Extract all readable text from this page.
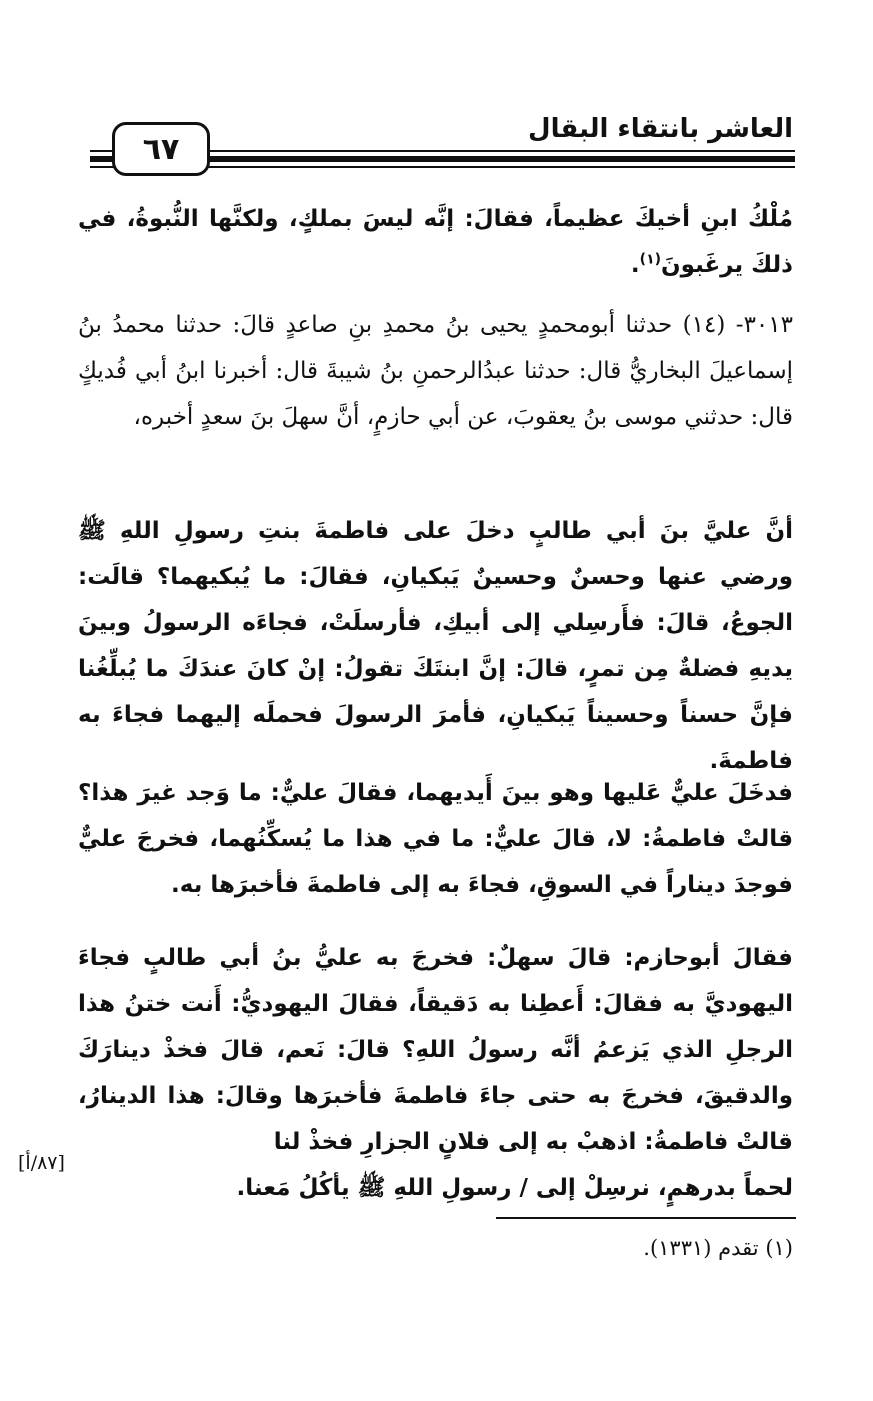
العاشر بانتقاء البقال
٦٧
مُلْكُ ابنِ أخيكَ عظيماً، فقالَ: إنَّه ليسَ بملكٍ، ولكنَّها النُّبوةُ، في ذلكَ يرغَبونَ$^{(١)}$.
٣٠١٣- (١٤) حدثنا أبومحمدٍ يحيى بنُ محمدِ بنِ صاعدٍ قالَ: حدثنا محمدُ بنُ إسماعيلَ البخاريُّ قال: حدثنا عبدُالرحمنِ بنُ شيبةَ قال: أخبرنا ابنُ أبي فُديكٍ قال: حدثني موسى بنُ يعقوبَ، عن أبي حازمٍ، أنَّ سهلَ بنَ سعدٍ أخبره،
أنَّ عليَّ بنَ أبي طالبٍ دخلَ على فاطمةَ بنتِ رسولِ اللهِ ﷺ ورضي عنها وحسنٌ وحسينٌ يَبكيانِ، فقالَ: ما يُبكيهما؟ قالَت: الجوعُ، قالَ: فأَرسِلي إلى أبيكِ، فأرسلَتْ، فجاءَه الرسولُ وبينَ يديهِ فضلةٌ مِن تمرٍ، قالَ: إنَّ ابنتَكَ تقولُ: إنْ كانَ عندَكَ ما يُبلِّغُنا فإنَّ حسناً وحسيناً يَبكيانِ، فأمرَ الرسولَ فحملَه إليهما فجاءَ به فاطمةَ.
فدخَلَ عليٌّ عَليها وهو بينَ أَيديهما، فقالَ عليٌّ: ما وَجد غيرَ هذا؟ قالتْ فاطمةُ: لا، قالَ عليٌّ: ما في هذا ما يُسكِّنُهما، فخرجَ عليٌّ فوجدَ ديناراً في السوقِ، فجاءَ به إلى فاطمةَ فأخبرَها به.
فقالَ أبوحازم: قالَ سهلٌ: فخرجَ به عليُّ بنُ أبي طالبٍ فجاءَ اليهوديَّ به فقالَ: أَعطِنا به دَقيقاً، فقالَ اليهوديُّ: أَنت ختنُ هذا الرجلِ الذي يَزعمُ أنَّه رسولُ اللهِ؟ قالَ: نَعم، قالَ فخذْ دينارَكَ والدقيقَ، فخرجَ به حتى جاءَ فاطمةَ فأخبرَها وقالَ: هذا الدينارُ، قالتْ فاطمةُ: اذهبْ به إلى فلانٍ الجزارِ فخذْ لنا
لحماً بدرهمٍ، نرسِلْ إلى / رسولِ اللهِ ﷺ يأكُلُ مَعنا.
[٨٧/أ]
(١) تقدم (١٣٣١).
